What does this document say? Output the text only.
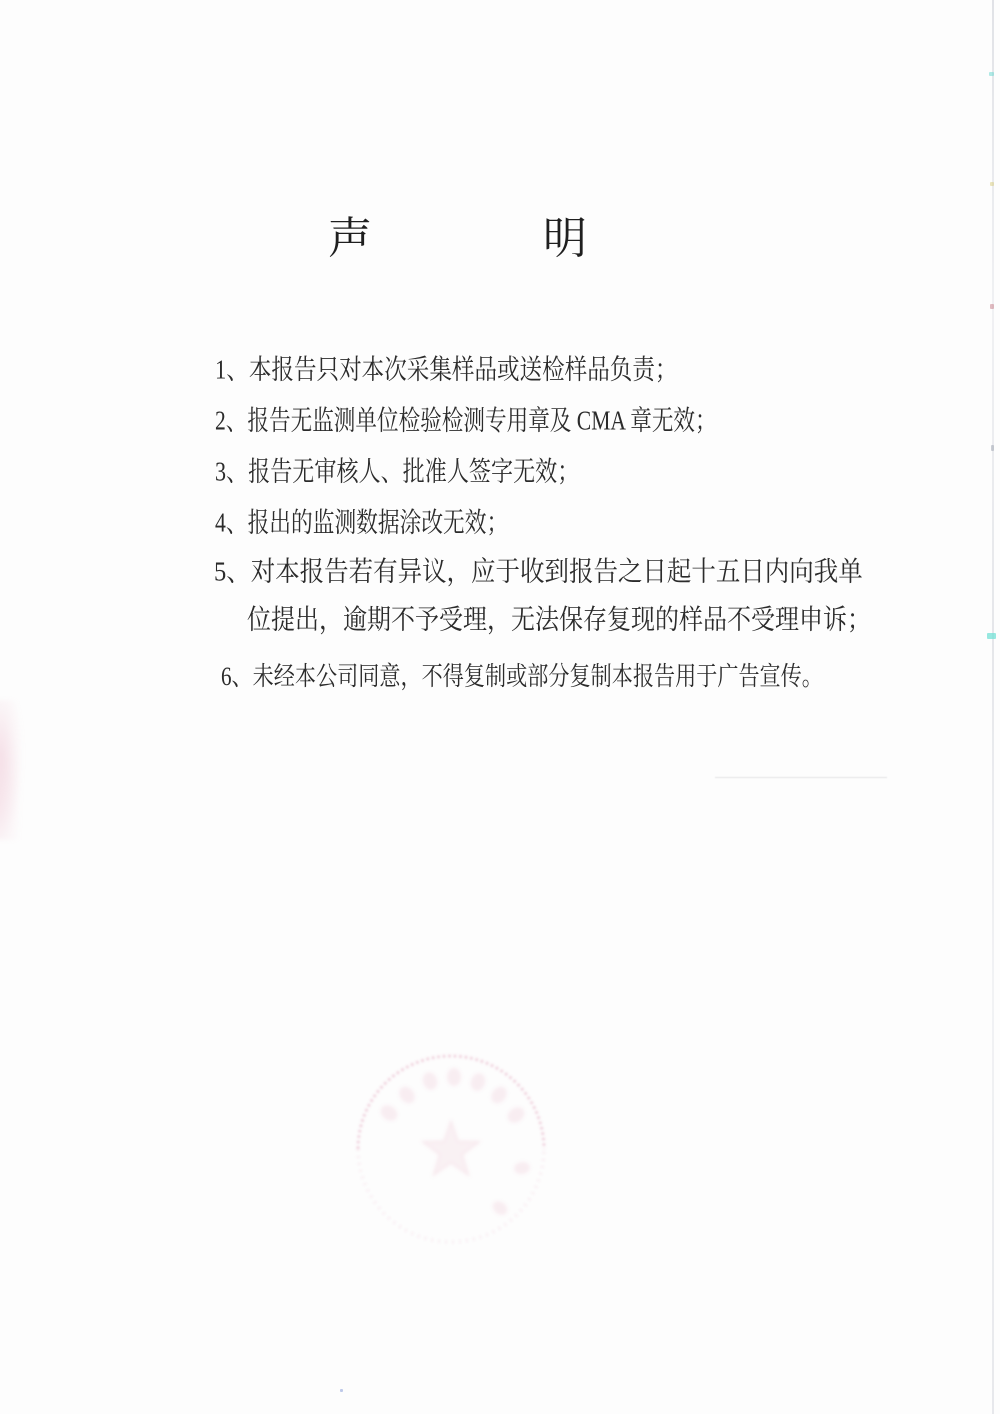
声	明
1、本报告只对本次采集样品或送检样品负责；
2、报告无监测单位检验检测专用章及 CMA 章无效；
3、报告无审核人、批准人签字无效；
4、报出的监测数据涂改无效；
5、对本报告若有异议，应于收到报告之日起十五日内向我单
位提出，逾期不予受理，无法保存复现的样品不受理申诉；
6、未经本公司同意，不得复制或部分复制本报告用于广告宣传。
